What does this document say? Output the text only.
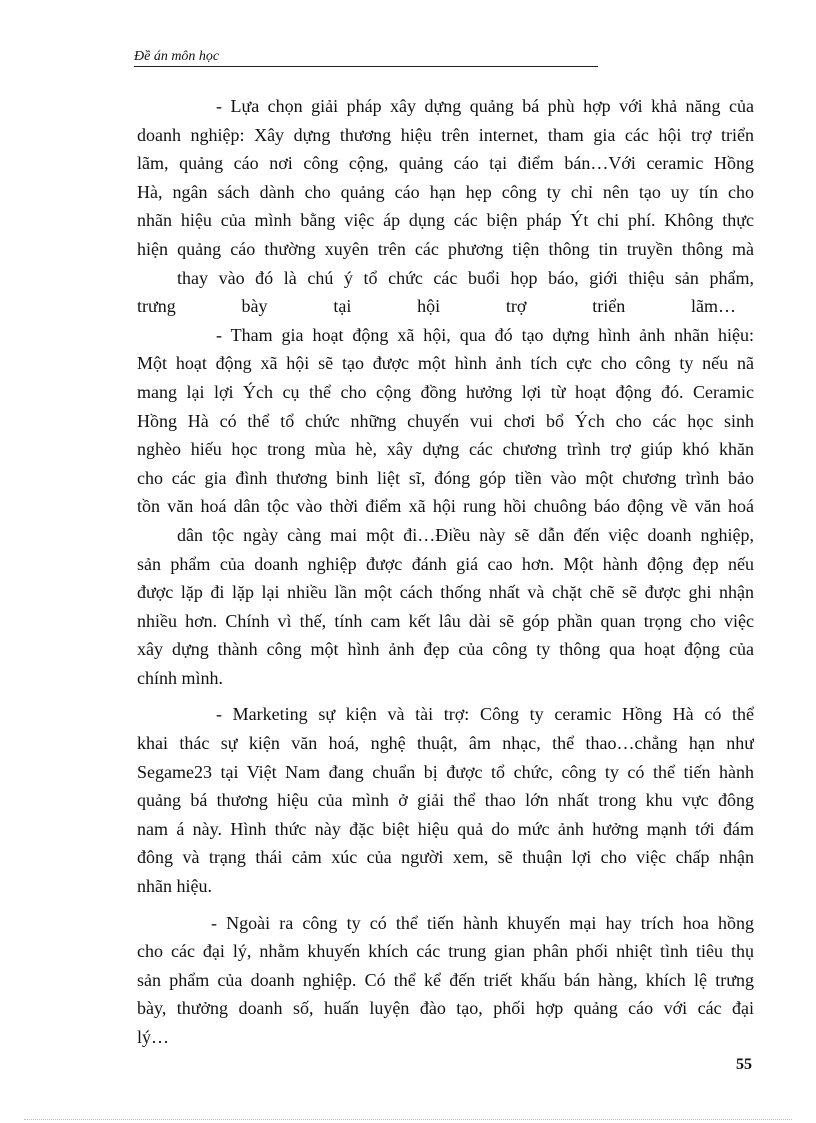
Đề án môn học
- Lựa chọn giải pháp xây dựng quảng bá phù hợp với khả năng của
doanh nghiệp: Xây dựng thương hiệu trên internet, tham gia các hội trợ triển
lãm, quảng cáo nơi công cộng, quảng cáo tại điểm bán…Với ceramic Hồng
Hà, ngân sách dành cho quảng cáo hạn hẹp công ty chỉ nên tạo uy tín cho
nhãn hiệu của mình bằng việc áp dụng các biện pháp Ýt chi phí. Không thực
hiện quảng cáo thường xuyên trên các phương tiện thông tin truyền thông mà
thay vào đó là chú ý tổ chức các buổi họp báo, giới thiệu sản phẩm,
trưng bày tại hội trợ triển lãm…
- Tham gia hoạt động xã hội, qua đó tạo dựng hình ảnh nhãn hiệu:
Một hoạt động xã hội sẽ tạo được một hình ảnh tích cực cho công ty nếu nã
mang lại lợi Ých cụ thể cho cộng đồng hưởng lợi từ hoạt động đó. Ceramic
Hồng Hà có thể tổ chức những chuyến vui chơi bổ Ých cho các học sinh
nghèo hiếu học trong mùa hè, xây dựng các chương trình trợ giúp khó khăn
cho các gia đình thương binh liệt sĩ, đóng góp tiền vào một chương trình bảo
tồn văn hoá dân tộc vào thời điểm xã hội rung hồi chuông báo động về văn hoá
dân tộc ngày càng mai một đi…Điều này sẽ dẫn đến việc doanh nghiệp,
sản phẩm của doanh nghiệp được đánh giá cao hơn. Một hành động đẹp nếu
được lặp đi lặp lại nhiều lần một cách thống nhất và chặt chẽ sẽ được ghi nhận
nhiều hơn. Chính vì thế, tính cam kết lâu dài sẽ góp phần quan trọng cho việc
xây dựng thành công một hình ảnh đẹp của công ty thông qua hoạt động của
chính mình.
- Marketing sự kiện và tài trợ: Công ty ceramic Hồng Hà có thể
khai thác sự kiện văn hoá, nghệ thuật, âm nhạc, thể thao…chẳng hạn như
Segame23 tại Việt Nam đang chuẩn bị được tổ chức, công ty có thể tiến hành
quảng bá thương hiệu của mình ở giải thể thao lớn nhất trong khu vực đông
nam á này. Hình thức này đặc biệt hiệu quả do mức ảnh hưởng mạnh tới đám
đông và trạng thái cảm xúc của người xem, sẽ thuận lợi cho việc chấp nhận
nhãn hiệu.
- Ngoài ra công ty có thể tiến hành khuyến mại hay trích hoa hồng
cho các đại lý, nhằm khuyến khích các trung gian phân phối nhiệt tình tiêu thụ
sản phẩm của doanh nghiệp. Có thể kể đến triết khấu bán hàng, khích lệ trưng
bày, thưởng doanh số, huấn luyện đào tạo, phối hợp quảng cáo với các đại
lý…
55
